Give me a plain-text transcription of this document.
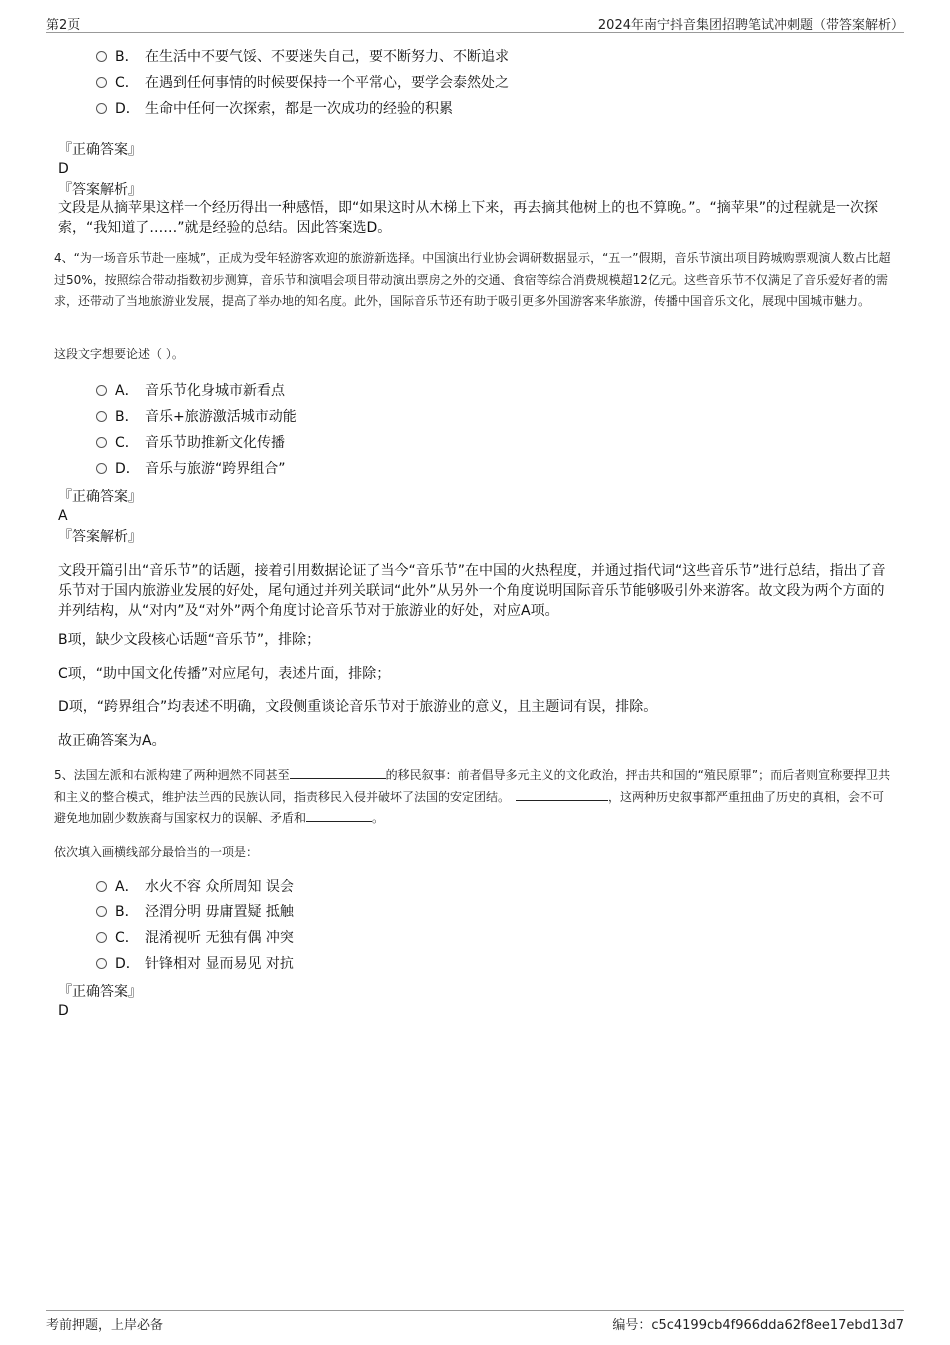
第2页	2024年南宁抖音集团招聘笔试冲刺题（带答案解析）
B． 在生活中不要气馁、不要迷失自己，要不断努力、不断追求
C． 在遇到任何事情的时候要保持一个平常心，要学会泰然处之
D． 生命中任何一次探索，都是一次成功的经验的积累
『正确答案』
D
『答案解析』
文段是从摘苹果这样一个经历得出一种感悟，即“如果这时从木梯上下来，再去摘其他树上的也不算晚。”。“摘苹果”的过程就是一次探索，“我知道了……”就是经验的总结。因此答案选D。
4、“为一场音乐节赴一座城”，正成为受年轻游客欢迎的旅游新选择。中国演出行业协会调研数据显示，“五一”假期，音乐节演出项目跨城购票观演人数占比超过50%，按照综合带动指数初步测算，音乐节和演唱会项目带动演出票房之外的交通、食宿等综合消费规模超12亿元。这些音乐节不仅满足了音乐爱好者的需求，还带动了当地旅游业发展，提高了举办地的知名度。此外，国际音乐节还有助于吸引更多外国游客来华旅游，传播中国音乐文化，展现中国城市魅力。
这段文字想要论述（ ）。
A． 音乐节化身城市新看点
B． 音乐+旅游激活城市动能
C． 音乐节助推新文化传播
D． 音乐与旅游“跨界组合”
『正确答案』
A
『答案解析』
文段开篇引出“音乐节”的话题，接着引用数据论证了当今“音乐节”在中国的火热程度，并通过指代词“这些音乐节”进行总结，指出了音乐节对于国内旅游业发展的好处，尾句通过并列关联词“此外”从另外一个角度说明国际音乐节能够吸引外来游客。故文段为两个方面的并列结构，从“对内”及“对外”两个角度讨论音乐节对于旅游业的好处，对应A项。
B项，缺少文段核心话题“音乐节”，排除；
C项，“助中国文化传播”对应尾句，表述片面，排除；
D项，“跨界组合”均表述不明确，文段侧重谈论音乐节对于旅游业的意义，且主题词有误，排除。
故正确答案为A。
5、法国左派和右派构建了两种迥然不同甚至	的移民叙事：前者倡导多元主义的文化政治，抨击共和国的“殖民原罪”；而后者则宣称要捍卫共和主义的整合模式，维护法兰西的民族认同，指责移民入侵并破坏了法国的安定团结。	，这两种历史叙事都严重扭曲了历史的真相，会不可避免地加剧少数族裔与国家权力的误解、矛盾和	。
依次填入画横线部分最恰当的一项是：
A． 水火不容 众所周知 误会
B． 泾渭分明 毋庸置疑 抵触
C． 混淆视听 无独有偶 冲突
D． 针锋相对 显而易见 对抗
『正确答案』
D
考前押题，上岸必备	编号：c5c4199cb4f966dda62f8ee17ebd13d7
